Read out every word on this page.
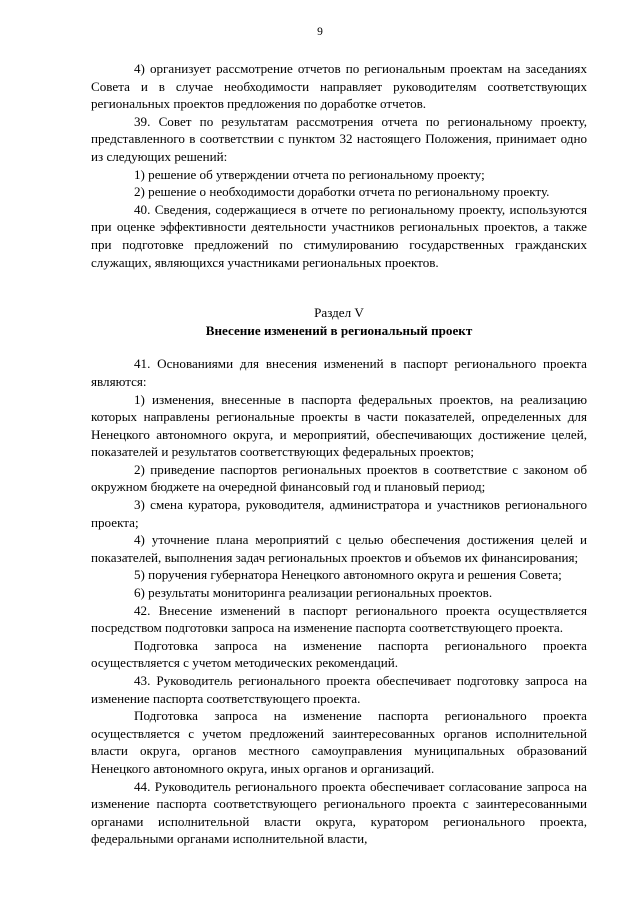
9

4) организует рассмотрение отчетов по региональным проектам на заседаниях Совета и в случае необходимости направляет руководителям соответствующих региональных проектов предложения по доработке отчетов.

39. Совет по результатам рассмотрения отчета по региональному проекту, представленного в соответствии с пунктом 32 настоящего Положения, принимает одно из следующих решений:

1) решение об утверждении отчета по региональному проекту;

2) решение о необходимости доработки отчета по региональному проекту.

40. Сведения, содержащиеся в отчете по региональному проекту, используются при оценке эффективности деятельности участников региональных проектов, а также при подготовке предложений по стимулированию государственных гражданских служащих, являющихся участниками региональных проектов.

Раздел V
Внесение изменений в региональный проект

41. Основаниями для внесения изменений в паспорт регионального проекта являются:

1) изменения, внесенные в паспорта федеральных проектов, на реализацию которых направлены региональные проекты в части показателей, определенных для Ненецкого автономного округа, и мероприятий, обеспечивающих достижение целей, показателей и результатов соответствующих федеральных проектов;

2) приведение паспортов региональных проектов в соответствие с законом об окружном бюджете на очередной финансовый год и плановый период;

3) смена куратора, руководителя, администратора и участников регионального проекта;

4) уточнение плана мероприятий с целью обеспечения достижения целей и показателей, выполнения задач региональных проектов и объемов их финансирования;

5) поручения губернатора Ненецкого автономного округа и решения Совета;

6) результаты мониторинга реализации региональных проектов.

42. Внесение изменений в паспорт регионального проекта осуществляется посредством подготовки запроса на изменение паспорта соответствующего проекта.

Подготовка запроса на изменение паспорта регионального проекта осуществляется с учетом методических рекомендаций.

43. Руководитель регионального проекта обеспечивает подготовку запроса на изменение паспорта соответствующего проекта.

Подготовка запроса на изменение паспорта регионального проекта осуществляется с учетом предложений заинтересованных органов исполнительной власти округа, органов местного самоуправления муниципальных образований Ненецкого автономного округа, иных органов и организаций.

44. Руководитель регионального проекта обеспечивает согласование запроса на изменение паспорта соответствующего регионального проекта с заинтересованными органами исполнительной власти округа, куратором регионального проекта, федеральными органами исполнительной власти,
